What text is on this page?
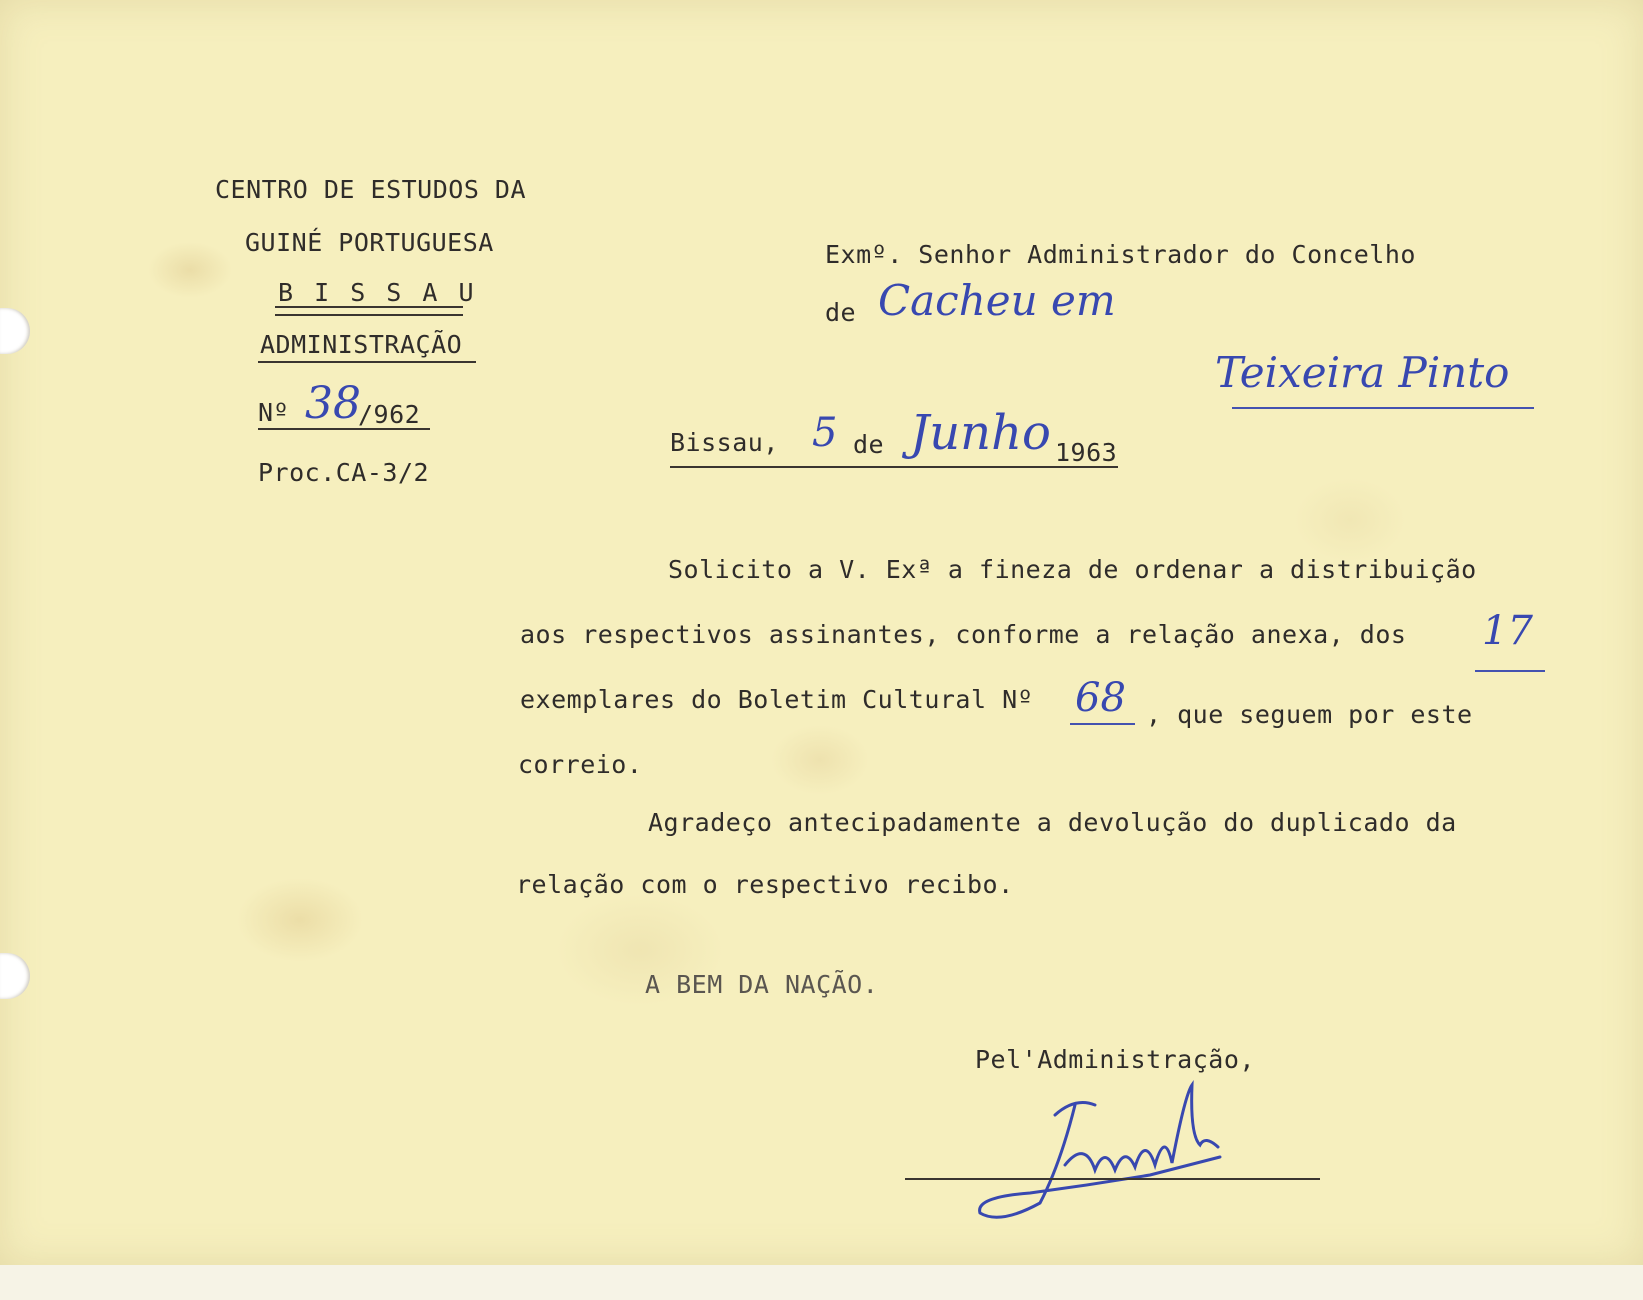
CENTRO DE ESTUDOS DA
GUINÉ PORTUGUESA
B I S S A U
ADMINISTRAÇÃO
Nº 38
/962
Proc.CA-3/2
Exmº. Senhor Administrador do Concelho
de Cacheu em
Teixeira Pinto
Bissau, 5 de Junho 1963
Solicito a V. Exª a fineza de ordenar a distribuição
aos respectivos assinantes, conforme a relação anexa, dos 17
exemplares do Boletim Cultural Nº 68 , que seguem por este
correio.
Agradeço antecipadamente a devolução do duplicado da
relação com o respectivo recibo.
A BEM DA NAÇÃO.
Pel'Administração,
